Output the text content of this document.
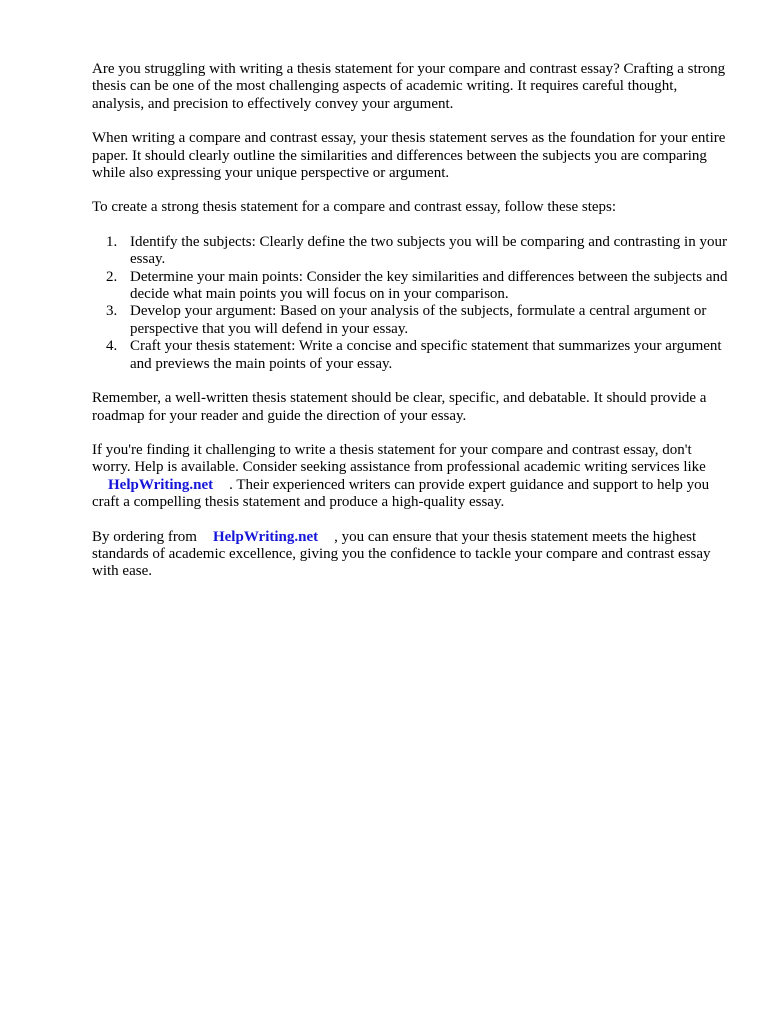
Are you struggling with writing a thesis statement for your compare and contrast essay? Crafting a strong thesis can be one of the most challenging aspects of academic writing. It requires careful thought, analysis, and precision to effectively convey your argument.

When writing a compare and contrast essay, your thesis statement serves as the foundation for your entire paper. It should clearly outline the similarities and differences between the subjects you are comparing while also expressing your unique perspective or argument.

To create a strong thesis statement for a compare and contrast essay, follow these steps:

1. Identify the subjects: Clearly define the two subjects you will be comparing and contrasting in your essay.
2. Determine your main points: Consider the key similarities and differences between the subjects and decide what main points you will focus on in your comparison.
3. Develop your argument: Based on your analysis of the subjects, formulate a central argument or perspective that you will defend in your essay.
4. Craft your thesis statement: Write a concise and specific statement that summarizes your argument and previews the main points of your essay.

Remember, a well-written thesis statement should be clear, specific, and debatable. It should provide a roadmap for your reader and guide the direction of your essay.

If you're finding it challenging to write a thesis statement for your compare and contrast essay, don't worry. Help is available. Consider seeking assistance from professional academic writing services likeHelpWriting.net . Their experienced writers can provide expert guidance and support to help you craft a compelling thesis statement and produce a high-quality essay.

By ordering from HelpWriting.net , you can ensure that your thesis statement meets the highest standards of academic excellence, giving you the confidence to tackle your compare and contrast essay with ease.
